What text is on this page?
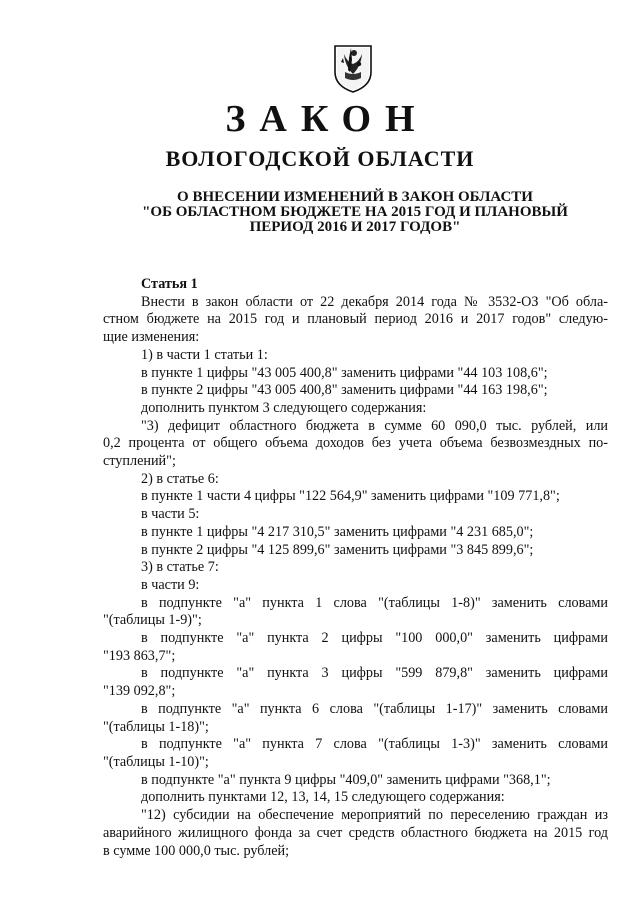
ЗАКОН
ВОЛОГОДСКОЙ ОБЛАСТИ
О ВНЕСЕНИИ ИЗМЕНЕНИЙ В ЗАКОН ОБЛАСТИ
"ОБ ОБЛАСТНОМ БЮДЖЕТЕ НА 2015 ГОД И ПЛАНОВЫЙ
ПЕРИОД 2016 И 2017 ГОДОВ"
Статья 1
Внести в закон области от 22 декабря 2014 года № 3532-ОЗ "Об обла-
стном бюджете на 2015 год и плановый период 2016 и 2017 годов" следую-
щие изменения:
1) в части 1 статьи 1:
в пункте 1 цифры "43 005 400,8" заменить цифрами "44 103 108,6";
в пункте 2 цифры "43 005 400,8" заменить цифрами "44 163 198,6";
дополнить пунктом 3 следующего содержания:
"3) дефицит областного бюджета в сумме 60 090,0 тыс. рублей, или
0,2 процента от общего объема доходов без учета объема безвозмездных по-
ступлений";
2) в статье 6:
в пункте 1 части 4 цифры "122 564,9" заменить цифрами "109 771,8";
в части 5:
в пункте 1 цифры "4 217 310,5" заменить цифрами "4 231 685,0";
в пункте 2 цифры "4 125 899,6" заменить цифрами "3 845 899,6";
3) в статье 7:
в части 9:
в подпункте "а" пункта 1 слова "(таблицы 1-8)" заменить словами
"(таблицы 1-9)";
в подпункте "а" пункта 2 цифры "100 000,0" заменить цифрами
"193 863,7";
в подпункте "а" пункта 3 цифры "599 879,8" заменить цифрами
"139 092,8";
в подпункте "а" пункта 6 слова "(таблицы 1-17)" заменить словами
"(таблицы 1-18)";
в подпункте "а" пункта 7 слова "(таблицы 1-3)" заменить словами
"(таблицы 1-10)";
в подпункте "а" пункта 9 цифры "409,0" заменить цифрами "368,1";
дополнить пунктами 12, 13, 14, 15 следующего содержания:
"12) субсидии на обеспечение мероприятий по переселению граждан из
аварийного жилищного фонда за счет средств областного бюджета на 2015 год
в сумме 100 000,0 тыс. рублей;
